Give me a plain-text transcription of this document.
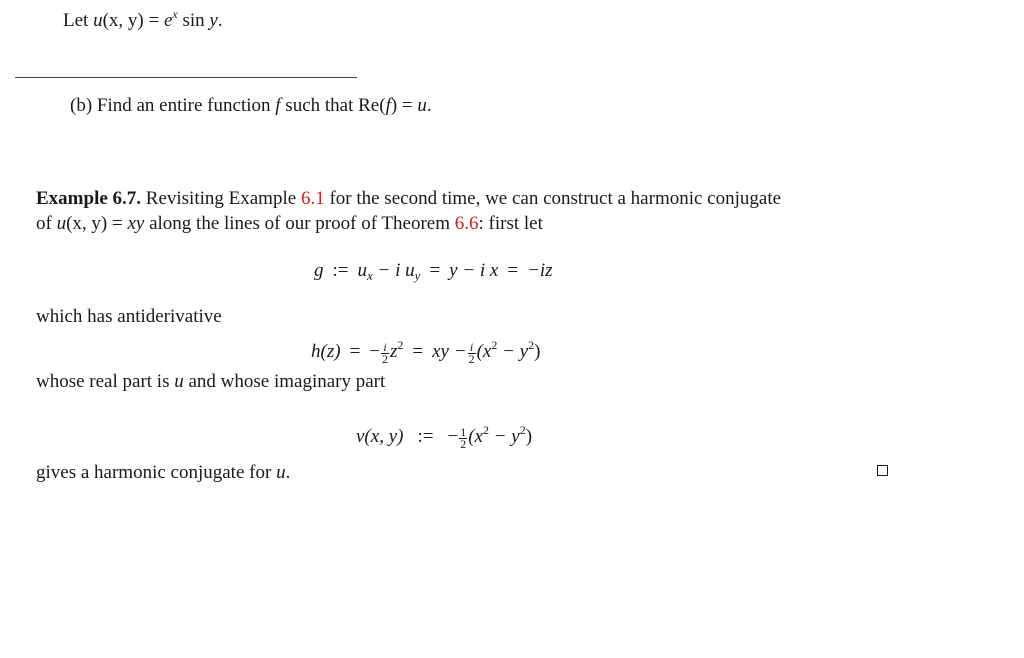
Let u(x, $y) = e^x$ sin y.
(b) Find an entire function f such that Re(f) = u.
Example 6.7. Revisiting Example 6.1 for the second time, we can construct a harmonic conjugate
of u(x, y) = xy along the lines of our proof of Theorem 6.6: first let
g := $u_x - i$ $u_y = y - i$ x = −iz
which has antiderivative
h(z) = − $\frac{i}{2} z^2$ = xy − $\frac{i}{2} (x^2 - y^2)$
whose real part is u and whose imaginary part
v(x, y) := − $\frac{1}{2} (x^2 - y^2)$
gives a harmonic conjugate for u.
